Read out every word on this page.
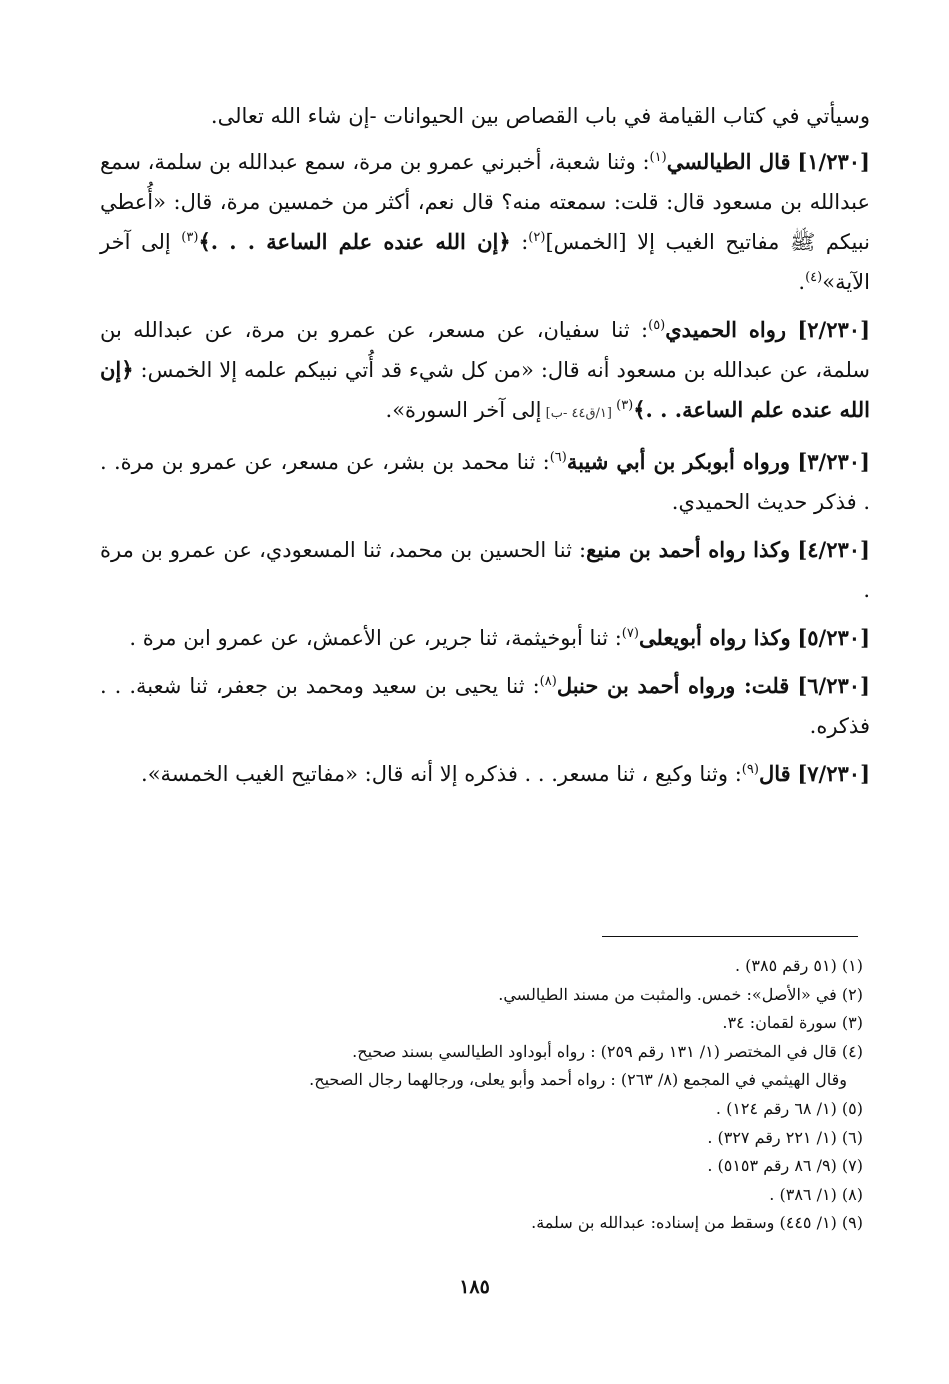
وسيأتي في كتاب القيامة في باب القصاص بين الحيوانات -إن شاء الله تعالى.

[١/٢٣٠] قال الطيالسي$^{(١)}$: وثنا شعبة، أخبرني عمرو بن مرة، سمع عبدالله بن سلمة، سمع عبدالله بن مسعود قال: قلت: سمعته منه؟ قال نعم، أكثر من خمسين مرة، قال: «أُعطي نبيكم ﷺ مفاتيح الغيب إلا [الخمس]$^{(٢)}$: ﴿إن الله عنده علم الساعة . . .﴾$^{(٣)}$ إلى آخر الآية»$^{(٤)}$.

[٢/٢٣٠] رواه الحميدي$^{(٥)}$: ثنا سفيان، عن مسعر، عن عمرو بن مرة، عن عبدالله بن سلمة، عن عبدالله بن مسعود أنه قال: «من كل شيء قد أُتي نبيكم علمه إلا الخمس: ﴿إن الله عنده علم الساعة. . .﴾$^{(٣)}$ [١/ق٤٤ -ب] إلى آخر السورة».

[٣/٢٣٠] ورواه أبوبكر بن أبي شيبة$^{(٦)}$: ثنا محمد بن بشر، عن مسعر، عن عمرو بن مرة. . . فذكر حديث الحميدي.

[٤/٢٣٠] وكذا رواه أحمد بن منيع: ثنا الحسين بن محمد، ثنا المسعودي، عن عمرو بن مرة .

[٥/٢٣٠] وكذا رواه أبويعلى$^{(٧)}$: ثنا أبوخيثمة، ثنا جرير، عن الأعمش، عن عمرو ابن مرة .

[٦/٢٣٠] قلت: ورواه أحمد بن حنبل$^{(٨)}$: ثنا يحيى بن سعيد ومحمد بن جعفر، ثنا شعبة. . . فذكره.

[٧/٢٣٠] قال$^{(٩)}$: وثنا وكيع ، ثنا مسعر. . . فذكره إلا أنه قال: «مفاتيح الغيب الخمسة».

(١) (٥١ رقم ٣٨٥) .

(٢) في «الأصل»: خمس. والمثبت من مسند الطيالسي.

(٣) سورة لقمان: ٣٤.

(٤) قال في المختصر (١/ ١٣١ رقم ٢٥٩) : رواه أبوداود الطيالسي بسند صحيح.

وقال الهيثمي في المجمع (٨/ ٢٦٣) : رواه أحمد وأبو يعلى، ورجالهما رجال الصحيح.

(٥) (١/ ٦٨ رقم ١٢٤) .

(٦) (١/ ٢٢١ رقم ٣٢٧) .

(٧) (٩/ ٨٦ رقم ٥١٥٣) .

(٨) (١/ ٣٨٦) .

(٩) (١/ ٤٤٥) وسقط من إسناده: عبدالله بن سلمة.

١٨٥
